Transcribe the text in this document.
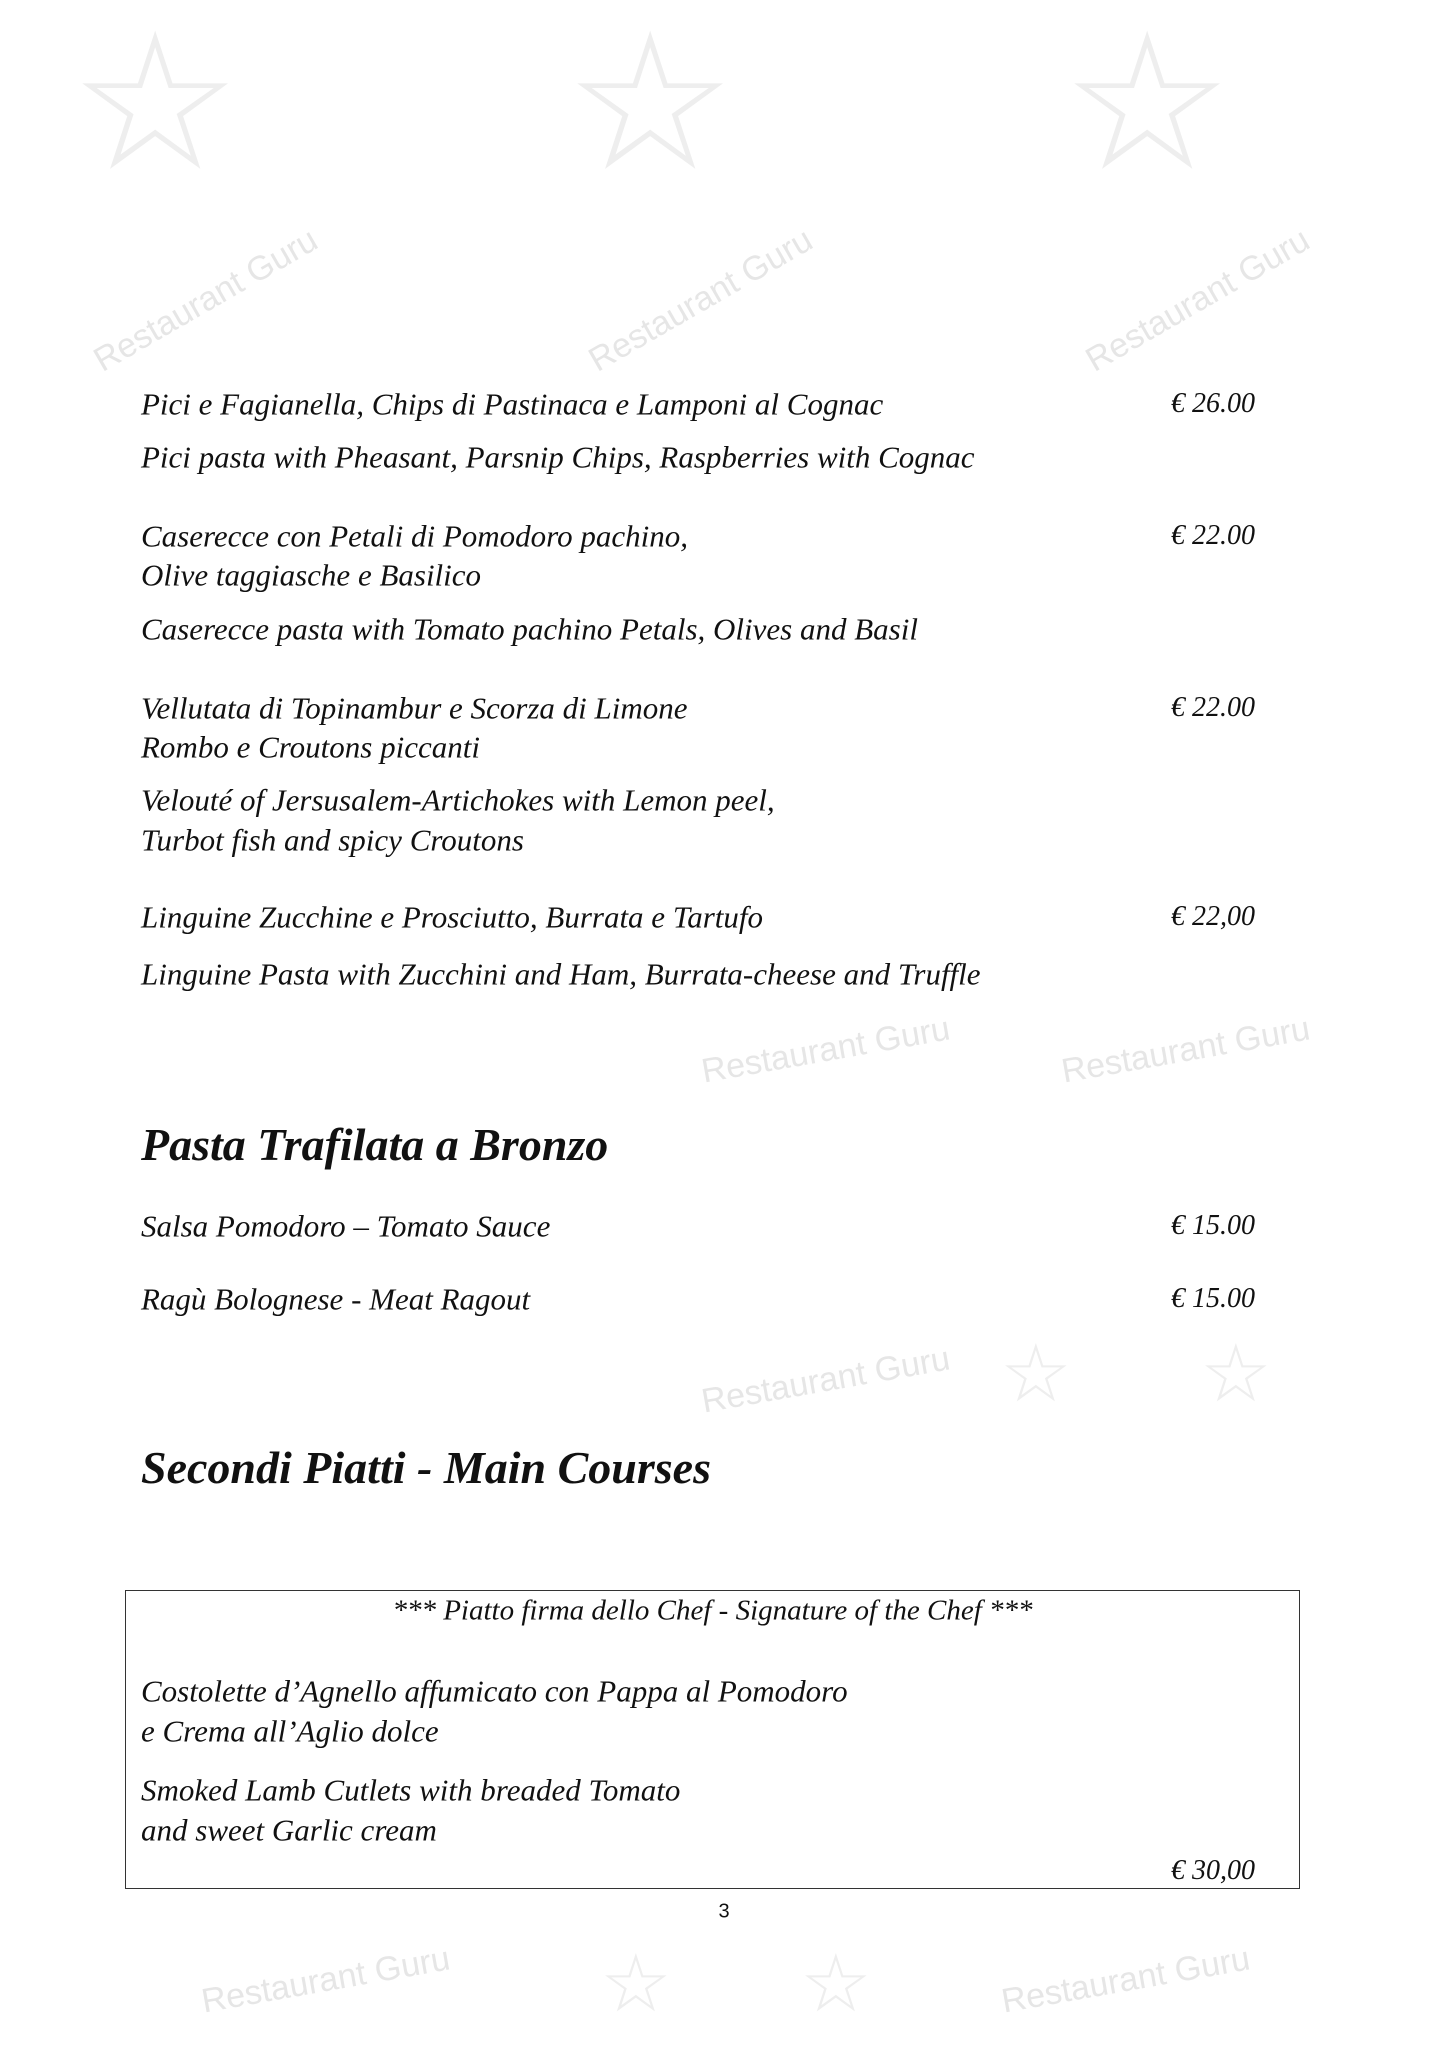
☆ ☆ ☆
☆ ☆
☆ ☆
Restaurant Guru	Restaurant Guru	Restaurant Guru
Restaurant Guru	Restaurant Guru
Restaurant Guru
Restaurant Guru	Restaurant Guru
Pici e Fagianella, Chips di Pastinaca e Lamponi al Cognac	€ 26.00
Pici pasta with Pheasant, Parsnip Chips, Raspberries with Cognac
Caserecce con Petali di Pomodoro pachino,	€ 22.00
Olive taggiasche e Basilico
Caserecce pasta with Tomato pachino Petals, Olives and Basil
Vellutata di Topinambur e Scorza di Limone	€ 22.00
Rombo e Croutons piccanti
Velouté of Jersusalem-Artichokes with Lemon peel,
Turbot fish and spicy Croutons
Linguine Zucchine e Prosciutto, Burrata e Tartufo	€ 22,00
Linguine Pasta with Zucchini and Ham, Burrata-cheese and Truffle
Pasta Trafilata a Bronzo
Salsa Pomodoro – Tomato Sauce	€ 15.00
Ragù Bolognese - Meat Ragout	€ 15.00
Secondi Piatti - Main Courses
*** Piatto firma dello Chef - Signature of the Chef ***
Costolette d’Agnello affumicato con Pappa al Pomodoro
e Crema all’Aglio dolce
Smoked Lamb Cutlets with breaded Tomato
and sweet Garlic cream
€ 30,00
3
